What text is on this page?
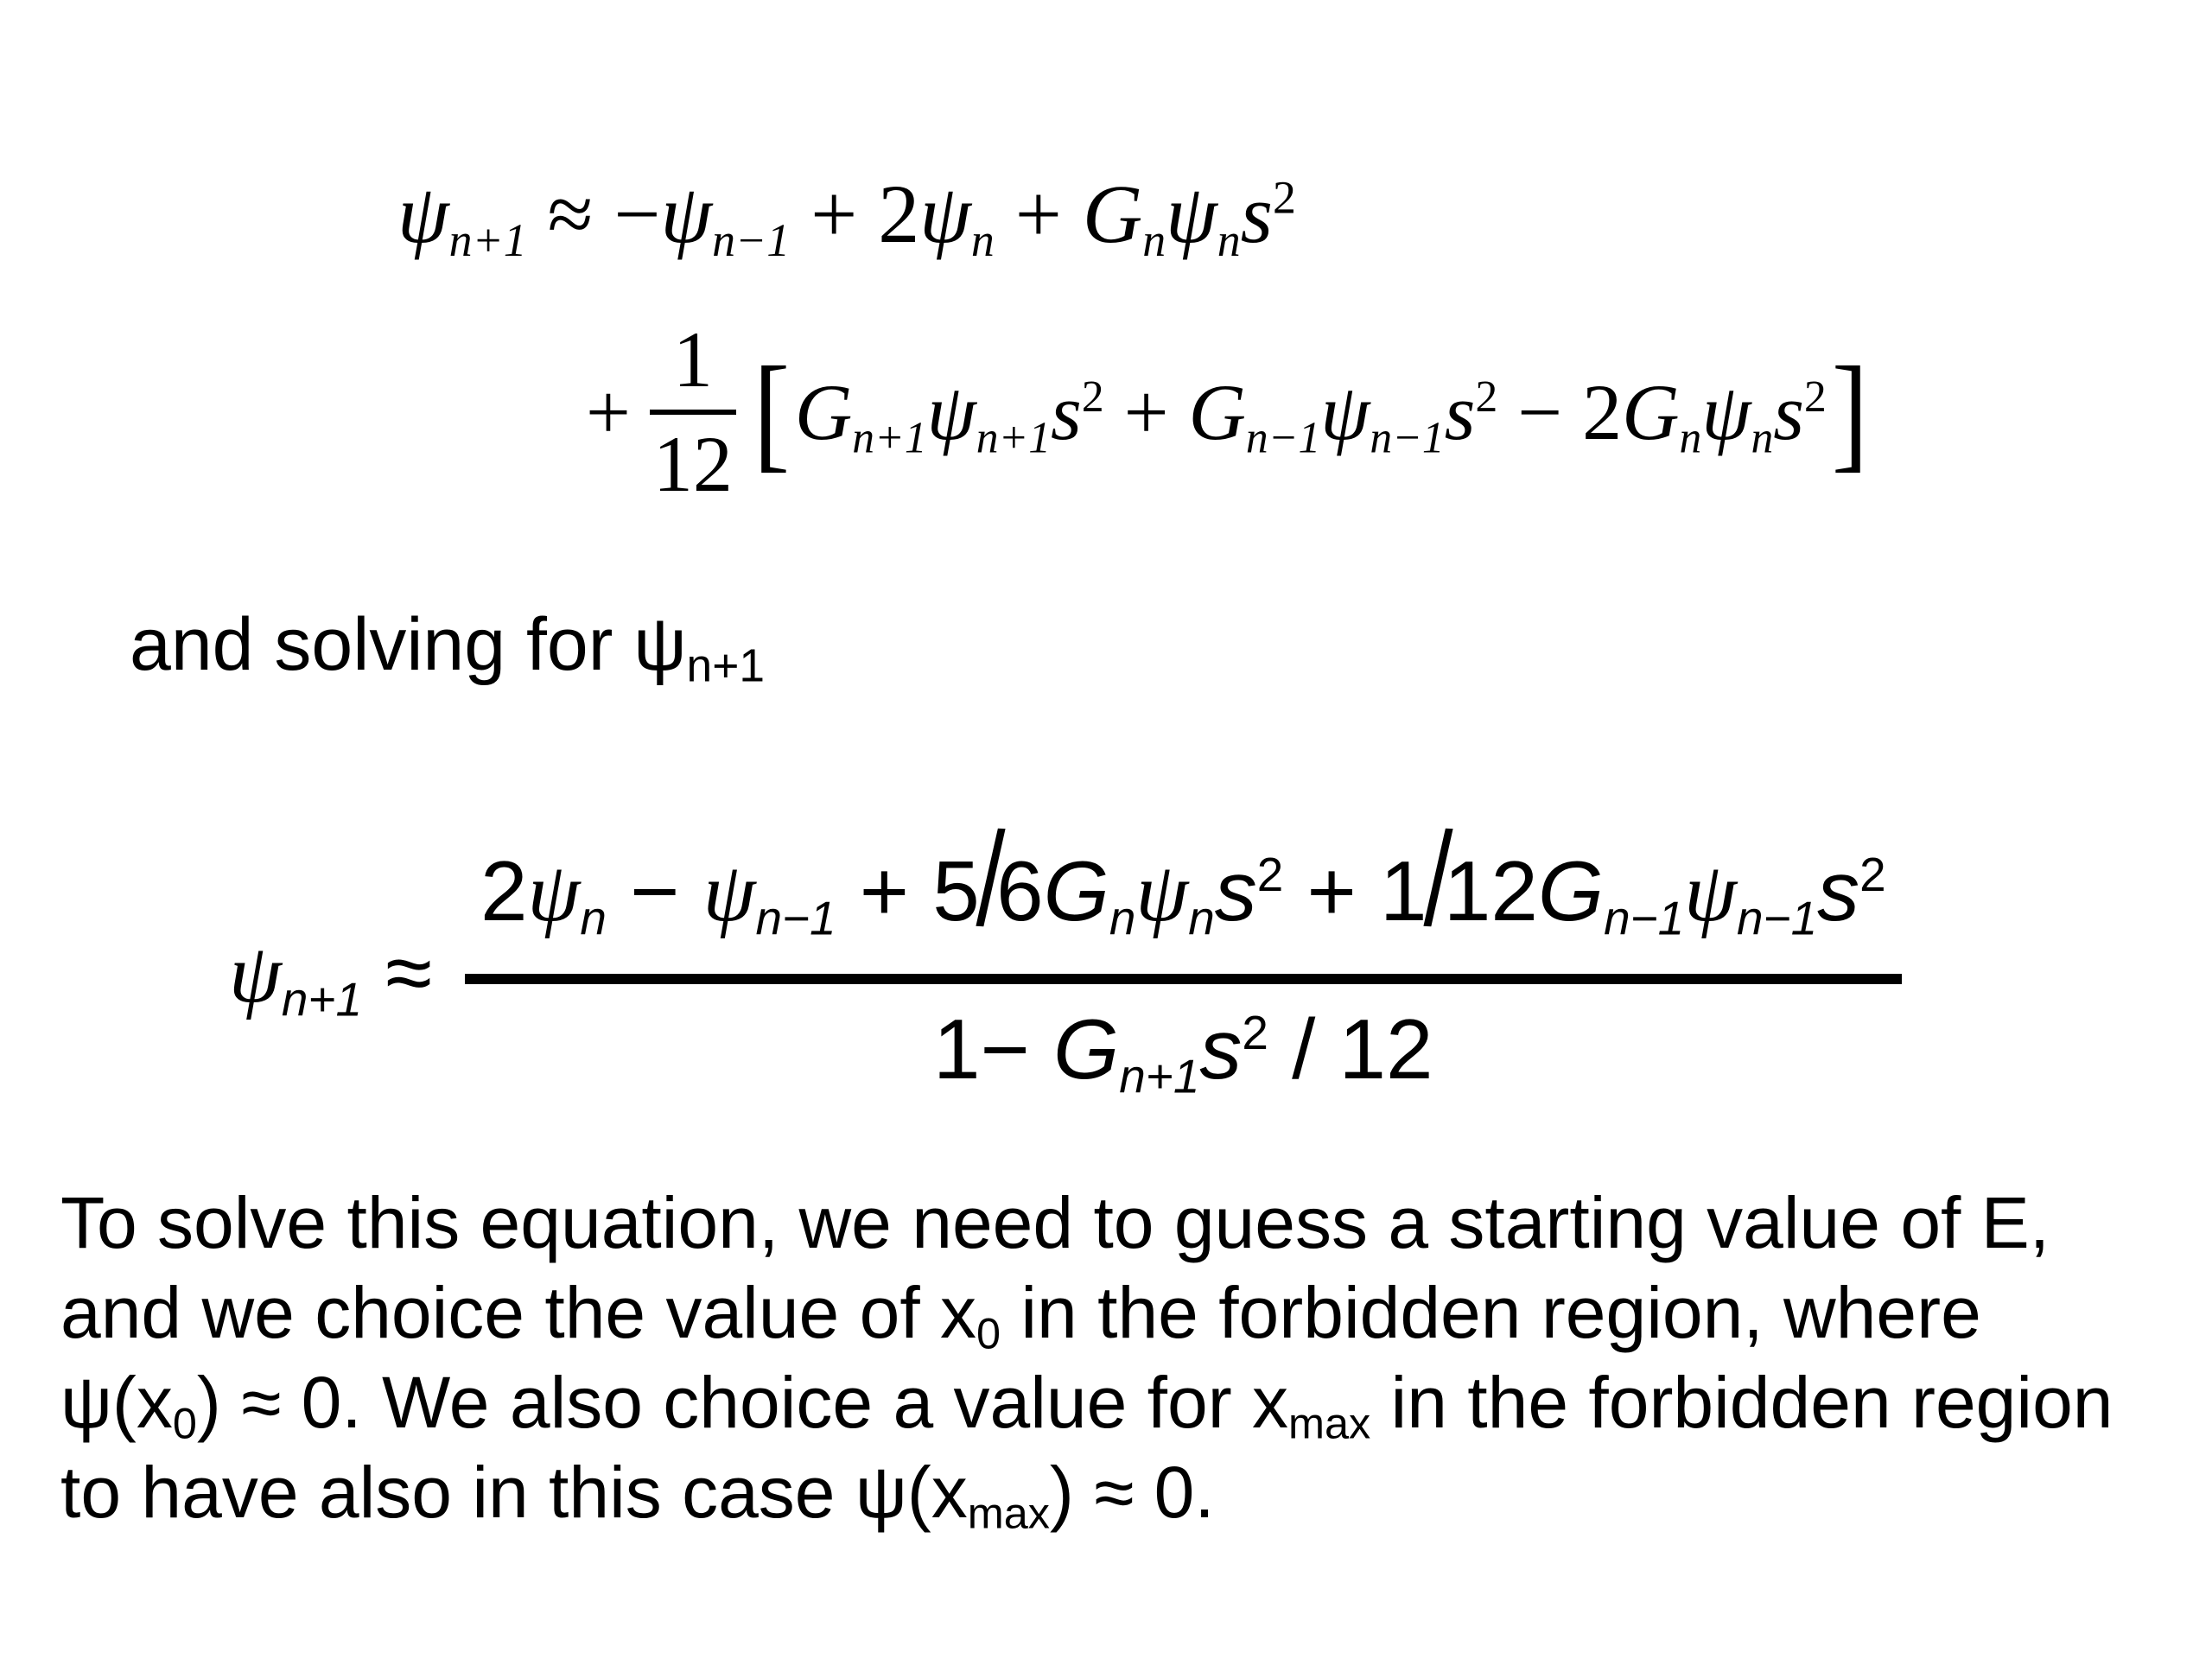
$\psi_{n+1} \approx -\psi_{n-1} + 2\psi_n + G_n\psi_ns^2$
+
1
12 [ $G_{n+1}\psi_{n+1}s^2 + G_{n-1}\psi_{n-1}s^2 - 2G_n\psi_ns^2$ ]
and solving for $\psi_{n+1}$
$\psi_{n+1}$ ≈
$2\psi_n - \psi_{n-1} + 5/6G_n\psi_ns^2 + 1/12G_{n-1}\psi_{n-1}s^2$
$1- G_{n+1}s^2 / 12$
To solve this equation, we need to guess a starting value of E,
and we choice the value of $x_0$ in the forbidden region, where
$\psi(x_0) \approx 0$. We also choice a value for $x_{max}$ in the forbidden region
to have also in this case $\psi(x_{max}) \approx 0$.
